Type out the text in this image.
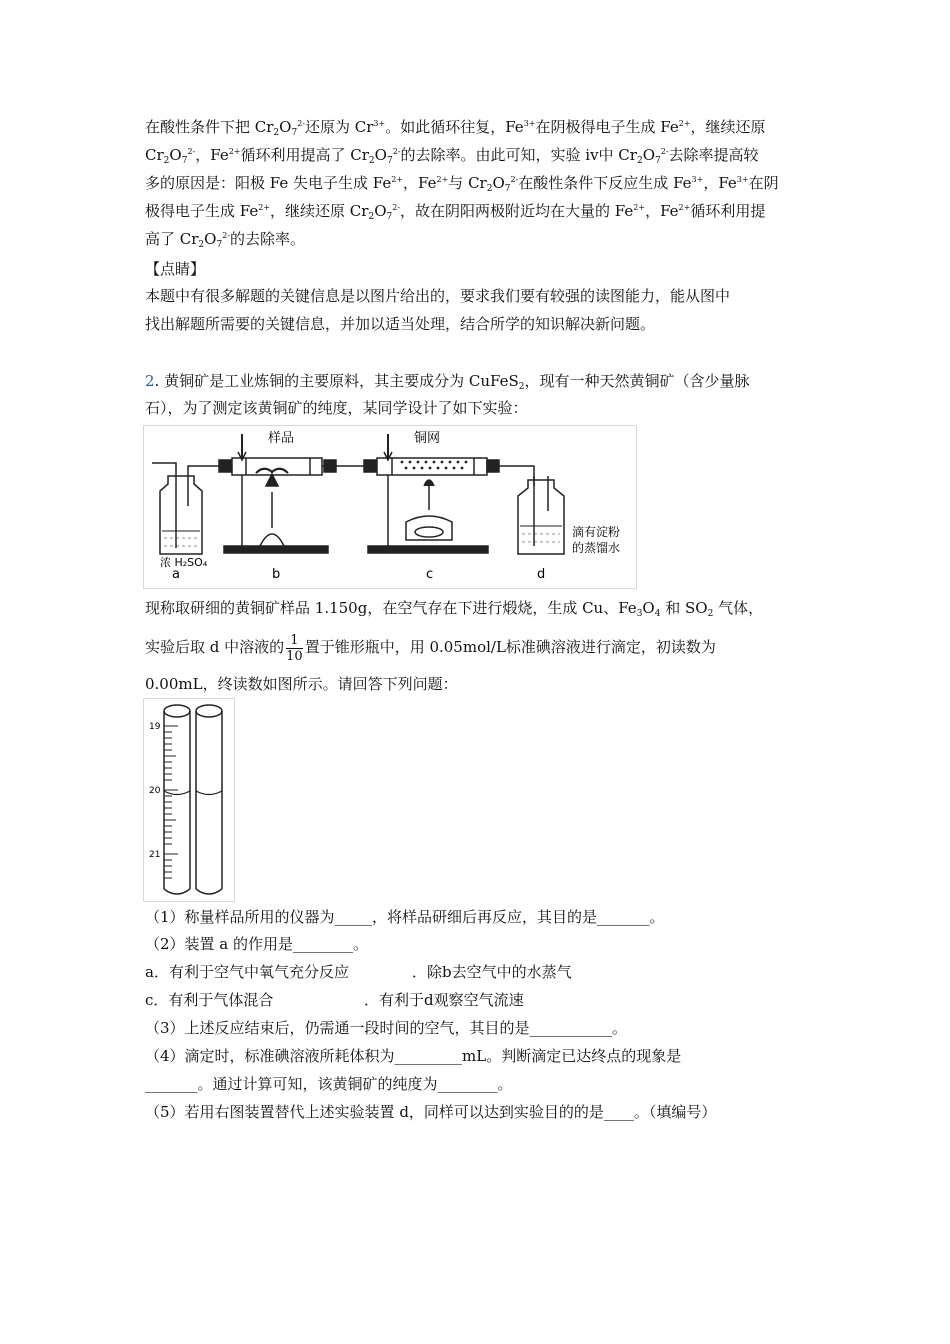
在酸性条件下把 $Cr_2O_7^{2-}$还原为 $Cr^{3+}$。如此循环往复，$Fe^{3+}$在阴极得电子生成 $Fe^{2+}$，继续还原
$Cr_2O_7^{2-}$，$Fe^{2+}$循环利用提高了 $Cr_2O_7^{2-}$的去除率。由此可知，实验 iv中 $Cr_2O_7^{2-}$去除率提高较
多的原因是：阳极 Fe 失电子生成 $Fe^{2+}$，$Fe^{2+}$与 $Cr_2O_7^{2-}$在酸性条件下反应生成 $Fe^{3+}$，$Fe^{3+}$在阴
极得电子生成 $Fe^{2+}$，继续还原 $Cr_2O_7^{2-}$，故在阴阳两极附近均在大量的 $Fe^{2+}$，$Fe^{2+}$循环利用提
高了 $Cr_2O_7^{2-}$的去除率。
【点睛】
本题中有很多解题的关键信息是以图片给出的，要求我们要有较强的读图能力，能从图中
找出解题所需要的关键信息，并加以适当处理，结合所学的知识解决新问题。
2. 黄铜矿是工业炼铜的主要原料，其主要成分为 CuFeS$_2$，现有一种天然黄铜矿（含少量脉
石），为了测定该黄铜矿的纯度，某同学设计了如下实验：
样品	铜网
a	b	c	d
浓 H₂SO₄
滴有淀粉
的蒸馏水
现称取研细的黄铜矿样品 1.150g，在空气存在下进行煅烧，生成 Cu、$Fe_3O_4$ 和 $SO_2$ 气体，
实验后取 d 中溶液的 $\frac{1}{10}$ 置于锥形瓶中，用 0.05mol/L标准碘溶液进行滴定，初读数为
0.00mL，终读数如图所示。请回答下列问题：
19
20
21
（1）称量样品所用的仪器为_____，将样品研细后再反应，其目的是_______。
（2）装置 a 的作用是________。
a．有利于空气中氧气充分反应	．除b去空气中的水蒸气
c．有利于气体混合	．有利于d观察空气流速
（3）上述反应结束后，仍需通一段时间的空气，其目的是___________。
（4）滴定时，标准碘溶液所耗体积为_________mL。判断滴定已达终点的现象是
_______。通过计算可知，该黄铜矿的纯度为________。
（5）若用右图装置替代上述实验装置 d，同样可以达到实验目的的是____。（填编号）
